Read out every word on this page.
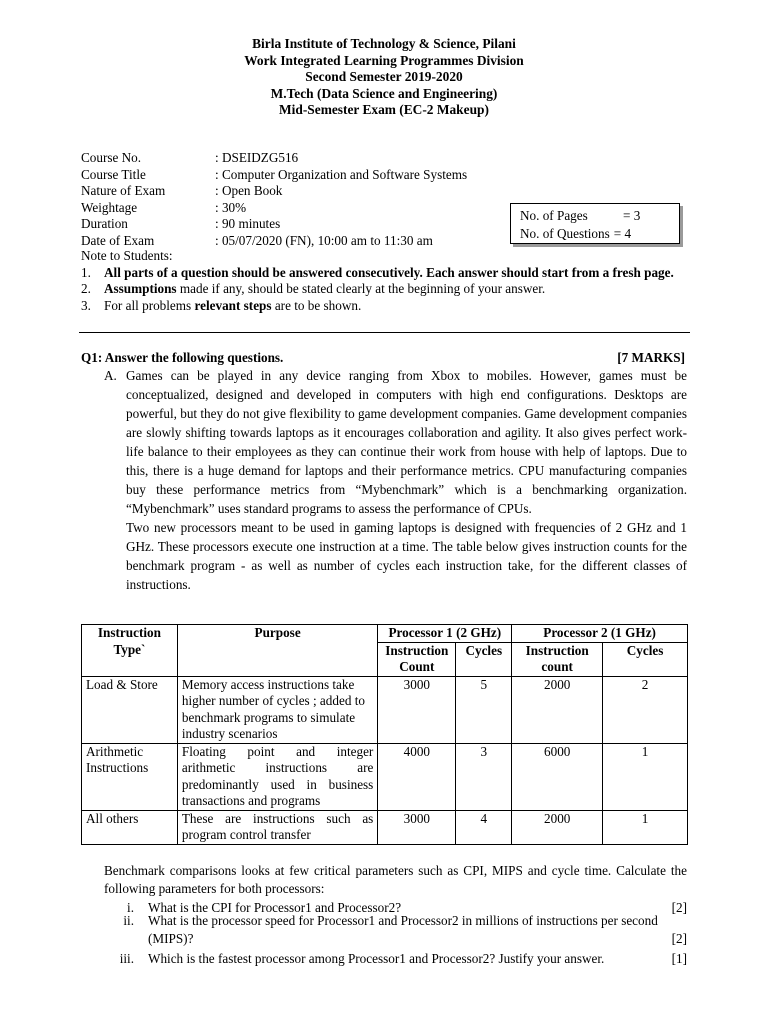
Birla Institute of Technology & Science, Pilani
Work Integrated Learning Programmes Division
Second Semester 2019-2020
M.Tech (Data Science and Engineering)
Mid-Semester Exam (EC-2 Makeup)
Course No.	: DSEIDZG516
Course Title	: Computer Organization and Software Systems
Nature of Exam	: Open Book
Weightage	: 30%
Duration	: 90 minutes
Date of Exam	: 05/07/2020 (FN), 10:00 am to 11:30 am
No. of Pages	= 3
No. of Questions = 4
Note to Students:
1. All parts of a question should be answered consecutively. Each answer should start from a fresh page.
2. Assumptions made if any, should be stated clearly at the beginning of your answer.
3. For all problems relevant steps are to be shown.
Q1: Answer the following questions.	[7 MARKS]
A. Games can be played in any device ranging from Xbox to mobiles. However, games must be conceptualized, designed and developed in computers with high end configurations. Desktops are powerful, but they do not give flexibility to game development companies. Game development companies are slowly shifting towards laptops as it encourages collaboration and agility. It also gives perfect work-life balance to their employees as they can continue their work from house with help of laptops. Due to this, there is a huge demand for laptops and their performance metrics. CPU manufacturing companies buy these performance metrics from “Mybenchmark” which is a benchmarking organization. “Mybenchmark” uses standard programs to assess the performance of CPUs.
Two new processors meant to be used in gaming laptops is designed with frequencies of 2 GHz and 1 GHz. These processors execute one instruction at a time. The table below gives instruction counts for the benchmark program - as well as number of cycles each instruction take, for the different classes of instructions.
Instruction Type`	Purpose	Processor 1 (2 GHz)		Processor 2 (1 GHz)	
		Instruction Count	Cycles	Instruction count	Cycles
Load & Store	Memory access instructions take higher number of cycles ; added to benchmark programs to simulate industry scenarios	3000	5	2000	2
Arithmetic Instructions	Floating point and integer arithmetic instructions are predominantly used in business transactions and programs	4000	3	6000	1
All others	These are instructions such as program control transfer	3000	4	2000	1
Benchmark comparisons looks at few critical parameters such as CPI, MIPS and cycle time. Calculate the following parameters for both processors:
i.	What is the CPI for Processor1 and Processor2?	[2]
ii.	What is the processor speed for Processor1 and Processor2 in millions of instructions per second
(MIPS)?	[2]
iii.	Which is the fastest processor among Processor1 and Processor2? Justify your answer.	[1]
